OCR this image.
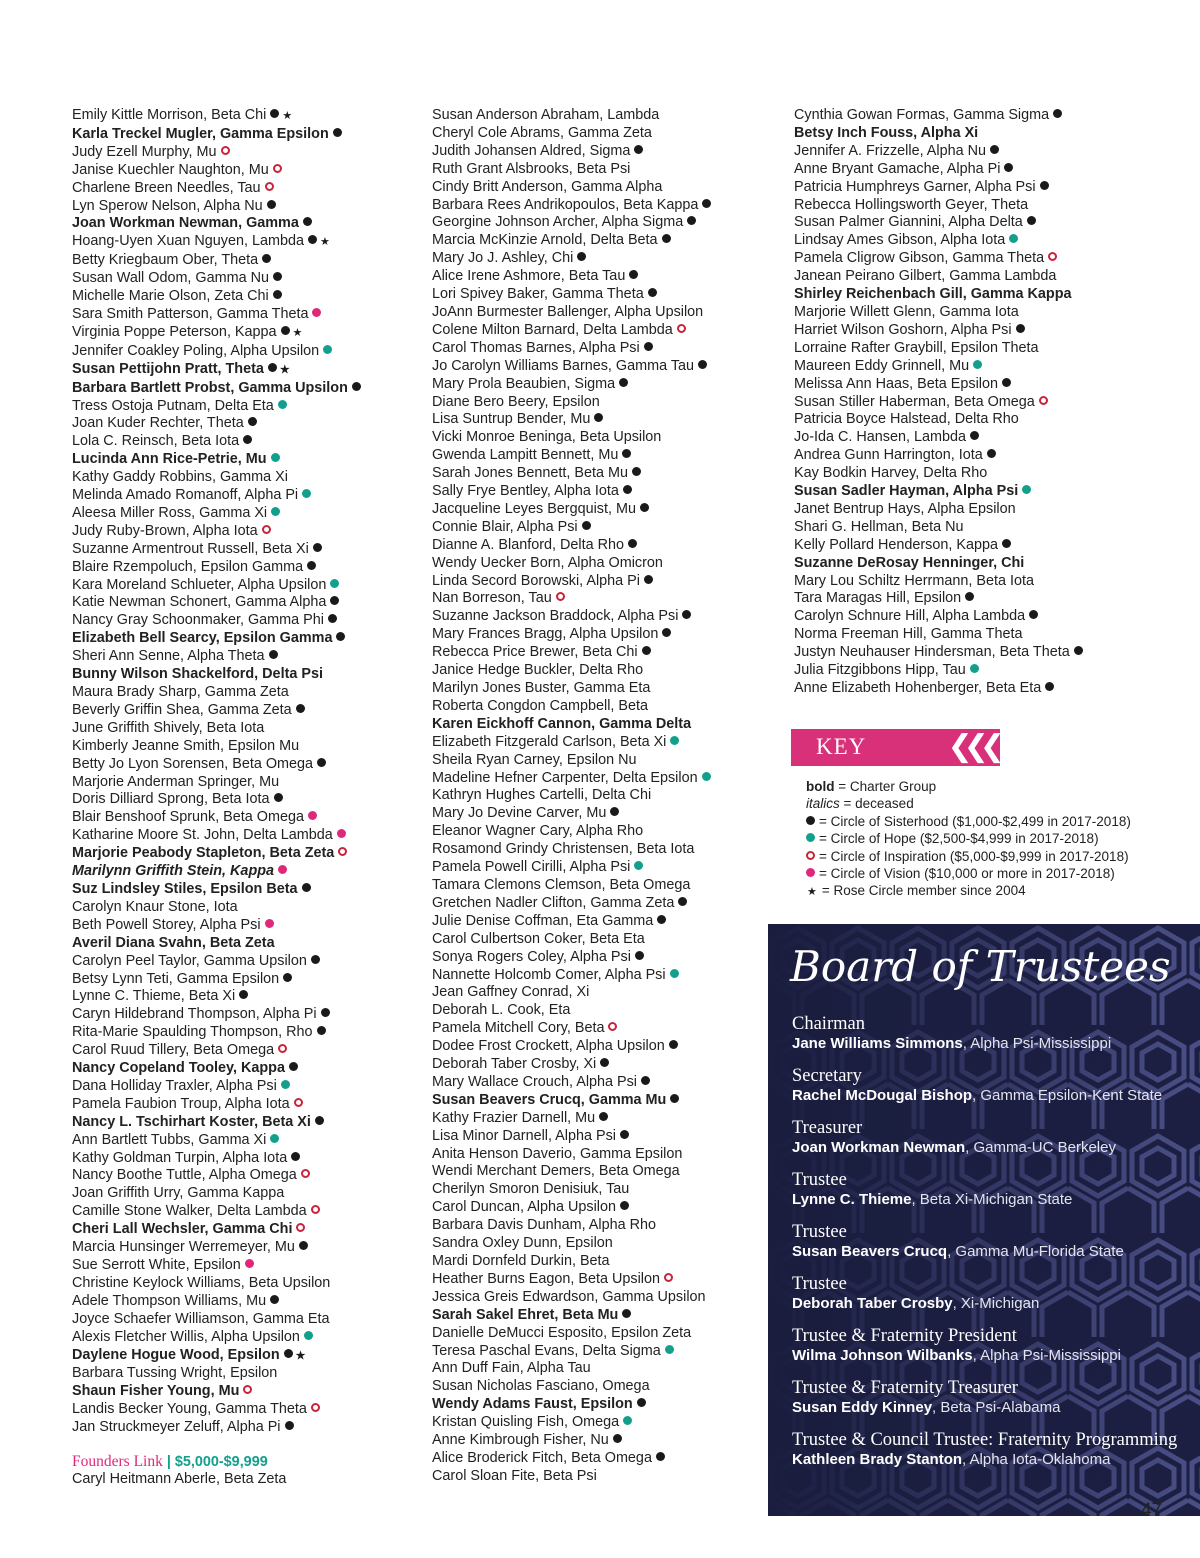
Emily Kittle Morrison, Beta Chi ★
Karla Treckel Mugler, Gamma Epsilon
Judy Ezell Murphy, Mu
Janise Kuechler Naughton, Mu
Charlene Breen Needles, Tau
Lyn Sperow Nelson, Alpha Nu
Joan Workman Newman, Gamma
Hoang-Uyen Xuan Nguyen, Lambda ★
Betty Kriegbaum Ober, Theta
Susan Wall Odom, Gamma Nu
Michelle Marie Olson, Zeta Chi
Sara Smith Patterson, Gamma Theta
Virginia Poppe Peterson, Kappa ★
Jennifer Coakley Poling, Alpha Upsilon
Susan Pettijohn Pratt, Theta ★
Barbara Bartlett Probst, Gamma Upsilon
Tress Ostoja Putnam, Delta Eta
Joan Kuder Rechter, Theta
Lola C. Reinsch, Beta Iota
Lucinda Ann Rice-Petrie, Mu
Kathy Gaddy Robbins, Gamma Xi
Melinda Amado Romanoff, Alpha Pi
Aleesa Miller Ross, Gamma Xi
Judy Ruby-Brown, Alpha Iota
Suzanne Armentrout Russell, Beta Xi
Blaire Rzempoluch, Epsilon Gamma
Kara Moreland Schlueter, Alpha Upsilon
Katie Newman Schonert, Gamma Alpha
Nancy Gray Schoonmaker, Gamma Phi
Elizabeth Bell Searcy, Epsilon Gamma
Sheri Ann Senne, Alpha Theta
Bunny Wilson Shackelford, Delta Psi
Maura Brady Sharp, Gamma Zeta
Beverly Griffin Shea, Gamma Zeta
June Griffith Shively, Beta Iota
Kimberly Jeanne Smith, Epsilon Mu
Betty Jo Lyon Sorensen, Beta Omega
Marjorie Anderman Springer, Mu
Doris Dilliard Sprong, Beta Iota
Blair Benshoof Sprunk, Beta Omega
Katharine Moore St. John, Delta Lambda
Marjorie Peabody Stapleton, Beta Zeta
Marilynn Griffith Stein, Kappa
Suz Lindsley Stiles, Epsilon Beta
Carolyn Knaur Stone, Iota
Beth Powell Storey, Alpha Psi
Averil Diana Svahn, Beta Zeta
Carolyn Peel Taylor, Gamma Upsilon
Betsy Lynn Teti, Gamma Epsilon
Lynne C. Thieme, Beta Xi
Caryn Hildebrand Thompson, Alpha Pi
Rita-Marie Spaulding Thompson, Rho
Carol Ruud Tillery, Beta Omega
Nancy Copeland Tooley, Kappa
Dana Holliday Traxler, Alpha Psi
Pamela Faubion Troup, Alpha Iota
Nancy L. Tschirhart Koster, Beta Xi
Ann Bartlett Tubbs, Gamma Xi
Kathy Goldman Turpin, Alpha Iota
Nancy Boothe Tuttle, Alpha Omega
Joan Griffith Urry, Gamma Kappa
Camille Stone Walker, Delta Lambda
Cheri Lall Wechsler, Gamma Chi
Marcia Hunsinger Werremeyer, Mu
Sue Serrott White, Epsilon
Christine Keylock Williams, Beta Upsilon
Adele Thompson Williams, Mu
Joyce Schaefer Williamson, Gamma Eta
Alexis Fletcher Willis, Alpha Upsilon
Daylene Hogue Wood, Epsilon ★
Barbara Tussing Wright, Epsilon
Shaun Fisher Young, Mu
Landis Becker Young, Gamma Theta
Jan Struckmeyer Zeluff, Alpha Pi
Founders Link | $5,000-$9,999
Caryl Heitmann Aberle, Beta Zeta
Susan Anderson Abraham, Lambda
Cheryl Cole Abrams, Gamma Zeta
Judith Johansen Aldred, Sigma
Ruth Grant Alsbrooks, Beta Psi
Cindy Britt Anderson, Gamma Alpha
Barbara Rees Andrikopoulos, Beta Kappa
Georgine Johnson Archer, Alpha Sigma
Marcia McKinzie Arnold, Delta Beta
Mary Jo J. Ashley, Chi
Alice Irene Ashmore, Beta Tau
Lori Spivey Baker, Gamma Theta
JoAnn Burmester Ballenger, Alpha Upsilon
Colene Milton Barnard, Delta Lambda
Carol Thomas Barnes, Alpha Psi
Jo Carolyn Williams Barnes, Gamma Tau
Mary Prola Beaubien, Sigma
Diane Bero Beery, Epsilon
Lisa Suntrup Bender, Mu
Vicki Monroe Beninga, Beta Upsilon
Gwenda Lampitt Bennett, Mu
Sarah Jones Bennett, Beta Mu
Sally Frye Bentley, Alpha Iota
Jacqueline Leyes Bergquist, Mu
Connie Blair, Alpha Psi
Dianne A. Blanford, Delta Rho
Wendy Uecker Born, Alpha Omicron
Linda Secord Borowski, Alpha Pi
Nan Borreson, Tau
Suzanne Jackson Braddock, Alpha Psi
Mary Frances Bragg, Alpha Upsilon
Rebecca Price Brewer, Beta Chi
Janice Hedge Buckler, Delta Rho
Marilyn Jones Buster, Gamma Eta
Roberta Congdon Campbell, Beta
Karen Eickhoff Cannon, Gamma Delta
Elizabeth Fitzgerald Carlson, Beta Xi
Sheila Ryan Carney, Epsilon Nu
Madeline Hefner Carpenter, Delta Epsilon
Kathryn Hughes Cartelli, Delta Chi
Mary Jo Devine Carver, Mu
Eleanor Wagner Cary, Alpha Rho
Rosamond Grindy Christensen, Beta Iota
Pamela Powell Cirilli, Alpha Psi
Tamara Clemons Clemson, Beta Omega
Gretchen Nadler Clifton, Gamma Zeta
Julie Denise Coffman, Eta Gamma
Carol Culbertson Coker, Beta Eta
Sonya Rogers Coley, Alpha Psi
Nannette Holcomb Comer, Alpha Psi
Jean Gaffney Conrad, Xi
Deborah L. Cook, Eta
Pamela Mitchell Cory, Beta
Dodee Frost Crockett, Alpha Upsilon
Deborah Taber Crosby, Xi
Mary Wallace Crouch, Alpha Psi
Susan Beavers Crucq, Gamma Mu
Kathy Frazier Darnell, Mu
Lisa Minor Darnell, Alpha Psi
Anita Henson Daverio, Gamma Epsilon
Wendi Merchant Demers, Beta Omega
Cherilyn Smoron Denisiuk, Tau
Carol Duncan, Alpha Upsilon
Barbara Davis Dunham, Alpha Rho
Sandra Oxley Dunn, Epsilon
Mardi Dornfeld Durkin, Beta
Heather Burns Eagon, Beta Upsilon
Jessica Greis Edwardson, Gamma Upsilon
Sarah Sakel Ehret, Beta Mu
Danielle DeMucci Esposito, Epsilon Zeta
Teresa Paschal Evans, Delta Sigma
Ann Duff Fain, Alpha Tau
Susan Nicholas Fasciano, Omega
Wendy Adams Faust, Epsilon
Kristan Quisling Fish, Omega
Anne Kimbrough Fisher, Nu
Alice Broderick Fitch, Beta Omega
Carol Sloan Fite, Beta Psi
Cynthia Gowan Formas, Gamma Sigma
Betsy Inch Fouss, Alpha Xi
Jennifer A. Frizzelle, Alpha Nu
Anne Bryant Gamache, Alpha Pi
Patricia Humphreys Garner, Alpha Psi
Rebecca Hollingsworth Geyer, Theta
Susan Palmer Giannini, Alpha Delta
Lindsay Ames Gibson, Alpha Iota
Pamela Cligrow Gibson, Gamma Theta
Janean Peirano Gilbert, Gamma Lambda
Shirley Reichenbach Gill, Gamma Kappa
Marjorie Willett Glenn, Gamma Iota
Harriet Wilson Goshorn, Alpha Psi
Lorraine Rafter Graybill, Epsilon Theta
Maureen Eddy Grinnell, Mu
Melissa Ann Haas, Beta Epsilon
Susan Stiller Haberman, Beta Omega
Patricia Boyce Halstead, Delta Rho
Jo-Ida C. Hansen, Lambda
Andrea Gunn Harrington, Iota
Kay Bodkin Harvey, Delta Rho
Susan Sadler Hayman, Alpha Psi
Janet Bentrup Hays, Alpha Epsilon
Shari G. Hellman, Beta Nu
Kelly Pollard Henderson, Kappa
Suzanne DeRosay Henninger, Chi
Mary Lou Schiltz Herrmann, Beta Iota
Tara Maragas Hill, Epsilon
Carolyn Schnure Hill, Alpha Lambda
Norma Freeman Hill, Gamma Theta
Justyn Neuhauser Hindersman, Beta Theta
Julia Fitzgibbons Hipp, Tau
Anne Elizabeth Hohenberger, Beta Eta
KEY	❮❮❮
bold = Charter Group
italics = deceased
= Circle of Sisterhood ($1,000-$2,499 in 2017-2018)
= Circle of Hope ($2,500-$4,999 in 2017-2018)
= Circle of Inspiration ($5,000-$9,999 in 2017-2018)
= Circle of Vision ($10,000 or more in 2017-2018)
★ = Rose Circle member since 2004
Board of Trustees
Chairman
Jane Williams Simmons, Alpha Psi-Mississippi
Secretary
Rachel McDougal Bishop, Gamma Epsilon-Kent State
Treasurer
Joan Workman Newman, Gamma-UC Berkeley
Trustee
Lynne C. Thieme, Beta Xi-Michigan State
Trustee
Susan Beavers Crucq, Gamma Mu-Florida State
Trustee
Deborah Taber Crosby, Xi-Michigan
Trustee & Fraternity President
Wilma Johnson Wilbanks, Alpha Psi-Mississippi
Trustee & Fraternity Treasurer
Susan Eddy Kinney, Beta Psi-Alabama
Trustee & Council Trustee: Fraternity Programming
Kathleen Brady Stanton, Alpha Iota-Oklahoma
47
